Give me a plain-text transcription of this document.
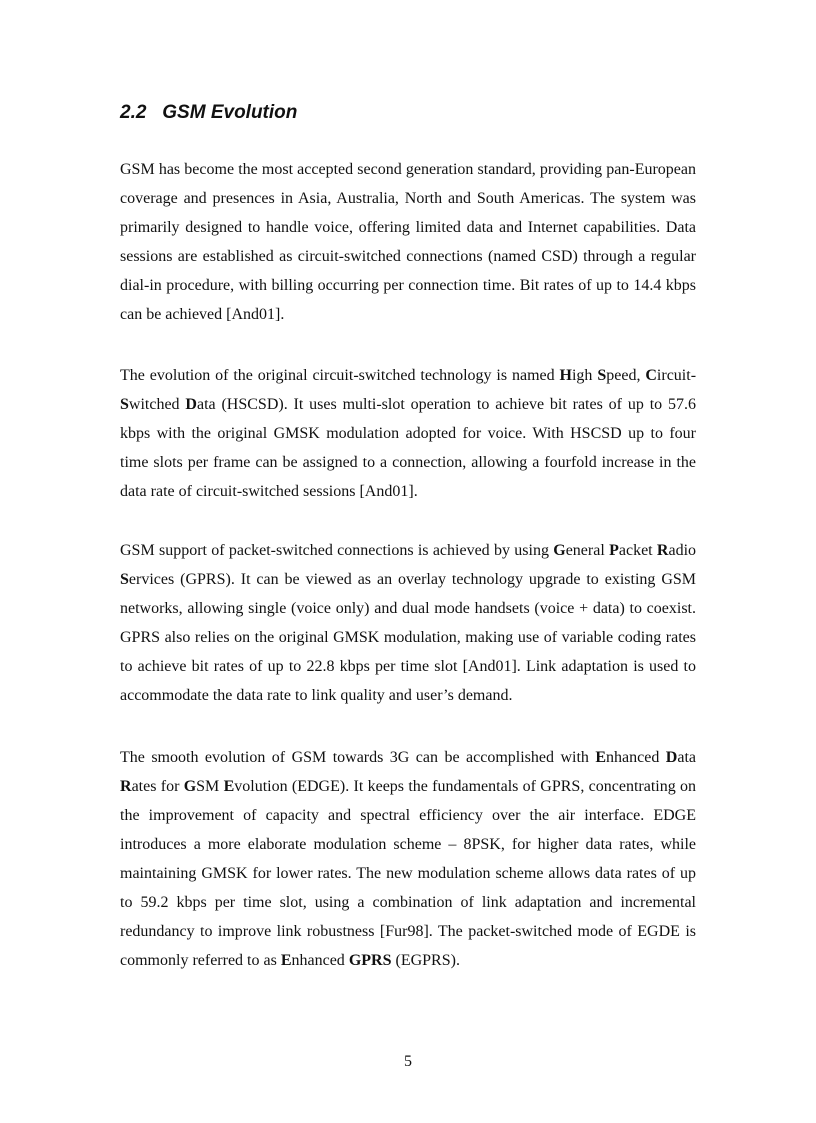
2.2 GSM Evolution
GSM has become the most accepted second generation standard, providing pan-European
coverage and presences in Asia, Australia, North and South Americas. The system was
primarily designed to handle voice, offering limited data and Internet capabilities. Data
sessions are established as circuit-switched connections (named CSD) through a regular
dial-in procedure, with billing occurring per connection time. Bit rates of up to 14.4 kbps
can be achieved [And01].
The evolution of the original circuit-switched technology is named High Speed, Circuit-
Switched Data (HSCSD). It uses multi-slot operation to achieve bit rates of up to 57.6
kbps with the original GMSK modulation adopted for voice. With HSCSD up to four
time slots per frame can be assigned to a connection, allowing a fourfold increase in the
data rate of circuit-switched sessions [And01].
GSM support of packet-switched connections is achieved by using General Packet Radio
Services (GPRS). It can be viewed as an overlay technology upgrade to existing GSM
networks, allowing single (voice only) and dual mode handsets (voice + data) to coexist.
GPRS also relies on the original GMSK modulation, making use of variable coding rates
to achieve bit rates of up to 22.8 kbps per time slot [And01]. Link adaptation is used to
accommodate the data rate to link quality and user’s demand.
The smooth evolution of GSM towards 3G can be accomplished with Enhanced Data
Rates for GSM Evolution (EDGE). It keeps the fundamentals of GPRS, concentrating on
the improvement of capacity and spectral efficiency over the air interface. EDGE
introduces a more elaborate modulation scheme – 8PSK, for higher data rates, while
maintaining GMSK for lower rates. The new modulation scheme allows data rates of up
to 59.2 kbps per time slot, using a combination of link adaptation and incremental
redundancy to improve link robustness [Fur98]. The packet-switched mode of EGDE is
commonly referred to as Enhanced GPRS (EGPRS).
5
